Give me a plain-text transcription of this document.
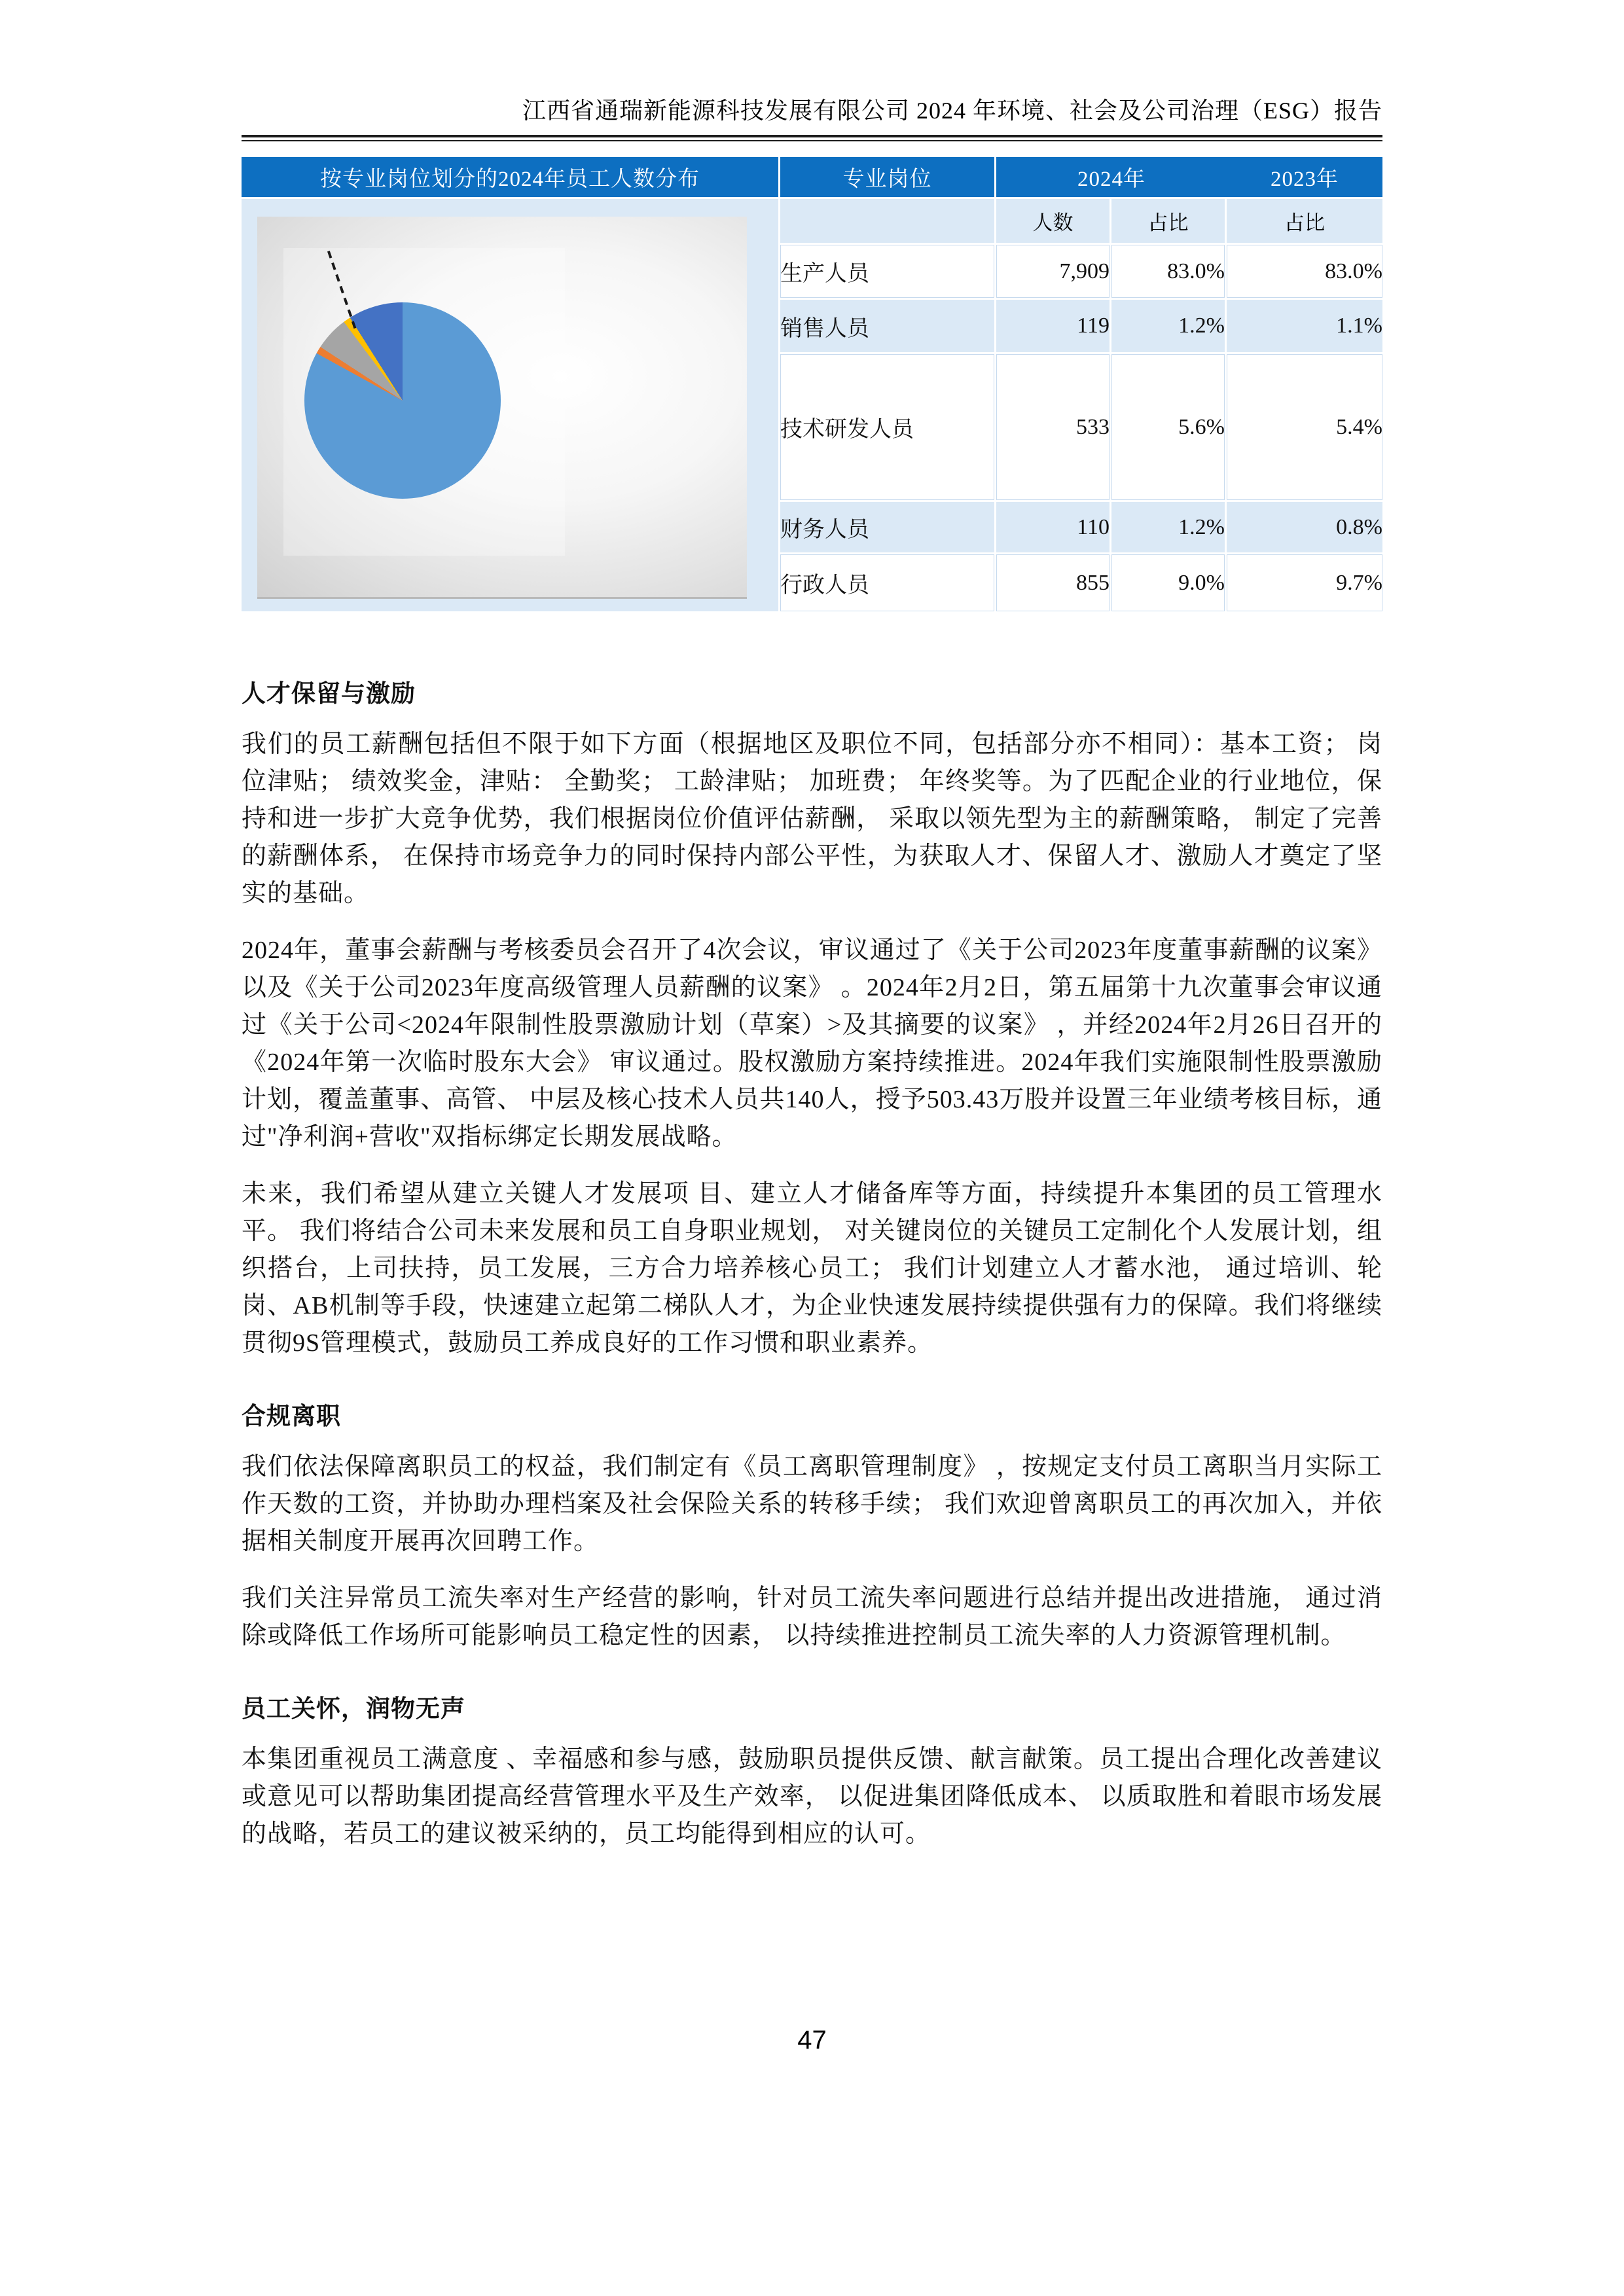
江西省通瑞新能源科技发展有限公司 2024 年环境、社会及公司治理（ESG）报告
按专业岗位划分的2024年员工人数分布	专业岗位	2024年		2023年

		人数	占比	占比
	生产人员	7,909	83.0%	83.0%
	销售人员	119	1.2%	1.1%
	技术研发人员	533	5.6%	5.4%
	财务人员	110	1.2%	0.8%
	行政人员	855	9.0%	9.7%
人才保留与激励

我们的员工薪酬包括但不限于如下方面（根据地区及职位不同，包括部分亦不相同）：基本工资； 岗位津贴； 绩效奖金，津贴： 全勤奖； 工龄津贴； 加班费； 年终奖等。为了匹配企业的行业地位，保持和进一步扩大竞争优势，我们根据岗位价值评估薪酬， 采取以领先型为主的薪酬策略， 制定了完善的薪酬体系， 在保持市场竞争力的同时保持内部公平性，为获取人才、保留人才、激励人才奠定了坚实的基础。

2024年，董事会薪酬与考核委员会召开了4次会议，审议通过了《关于公司2023年度董事薪酬的议案》 以及《关于公司2023年度高级管理人员薪酬的议案》 。2024年2月2日，第五届第十九次董事会审议通过《关于公司<2024年限制性股票激励计划（草案）>及其摘要的议案》 ，并经2024年2月26日召开的《2024年第一次临时股东大会》 审议通过。股权激励方案持续推进。2024年我们实施限制性股票激励计划，覆盖董事、高管、 中层及核心技术人员共140人，授予503.43万股并设置三年业绩考核目标，通过"净利润+营收"双指标绑定长期发展战略。

未来，我们希望从建立关键人才发展项 目、建立人才储备库等方面，持续提升本集团的员工管理水平。 我们将结合公司未来发展和员工自身职业规划， 对关键岗位的关键员工定制化个人发展计划，组织搭台，上司扶持，员工发展，三方合力培养核心员工； 我们计划建立人才蓄水池， 通过培训、轮岗、AB机制等手段，快速建立起第二梯队人才，为企业快速发展持续提供强有力的保障。我们将继续贯彻9S管理模式，鼓励员工养成良好的工作习惯和职业素养。

合规离职

我们依法保障离职员工的权益，我们制定有《员工离职管理制度》 ，按规定支付员工离职当月实际工作天数的工资，并协助办理档案及社会保险关系的转移手续； 我们欢迎曾离职员工的再次加入，并依据相关制度开展再次回聘工作。

我们关注异常员工流失率对生产经营的影响，针对员工流失率问题进行总结并提出改进措施， 通过消除或降低工作场所可能影响员工稳定性的因素， 以持续推进控制员工流失率的人力资源管理机制。

员工关怀，润物无声

本集团重视员工满意度 、幸福感和参与感，鼓励职员提供反馈、献言献策。员工提出合理化改善建议或意见可以帮助集团提高经营管理水平及生产效率， 以促进集团降低成本、 以质取胜和着眼市场发展的战略，若员工的建议被采纳的，员工均能得到相应的认可。

47
